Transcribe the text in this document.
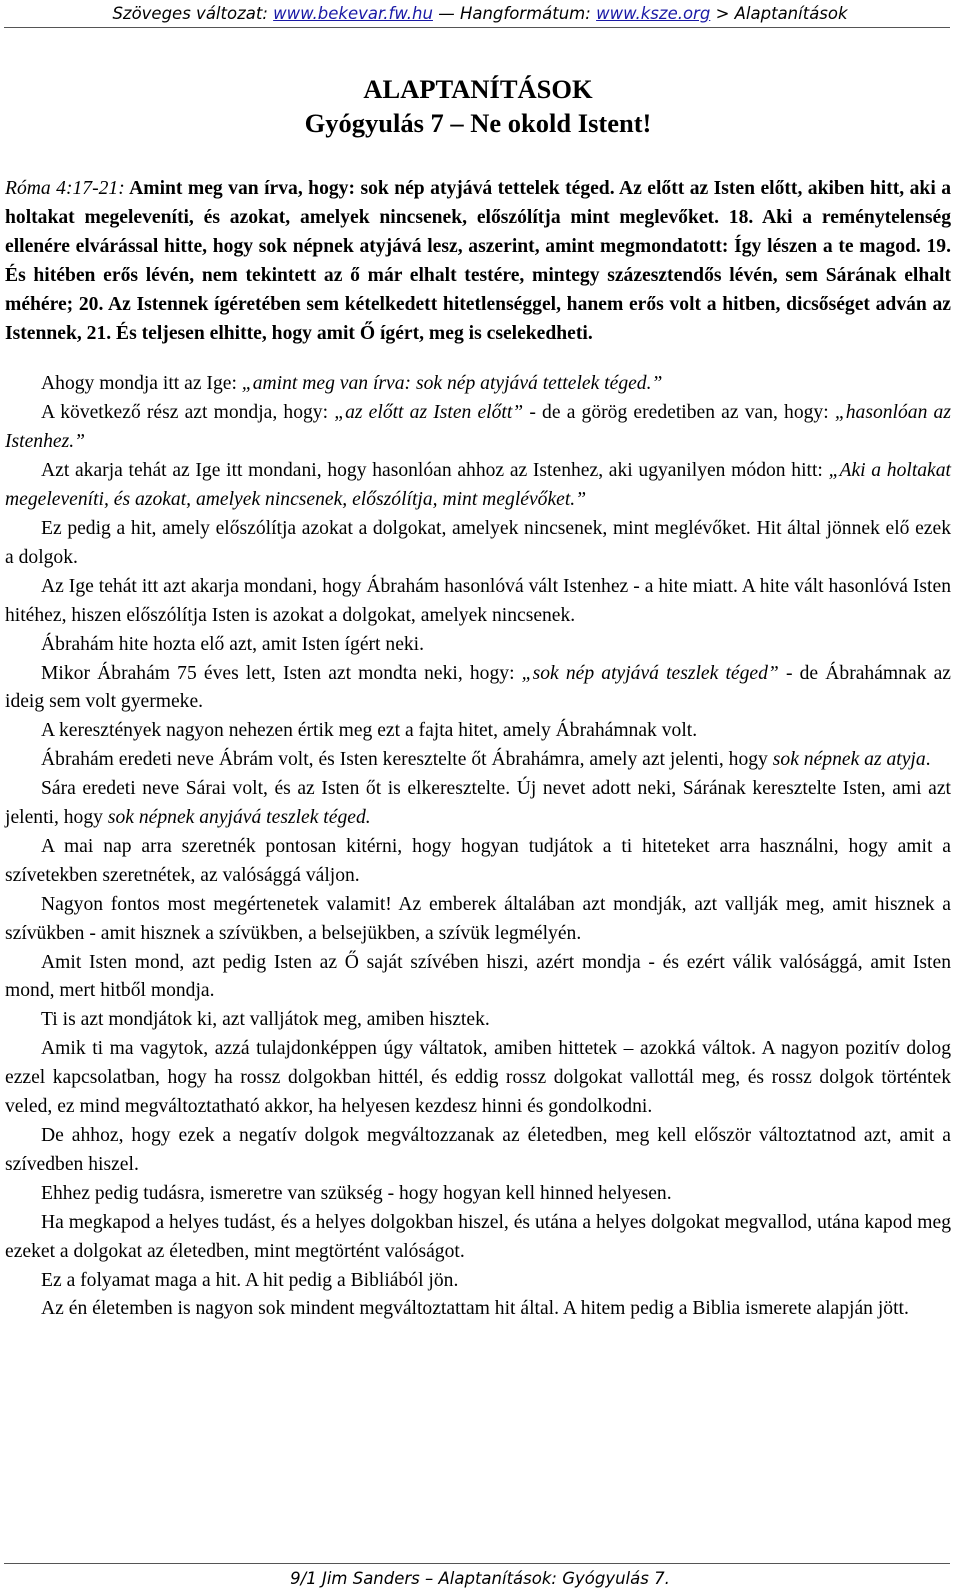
Szöveges változat: www.bekevar.fw.hu — Hangformátum: www.ksze.org > Alaptanítások

ALAPTANÍTÁSOK

Gyógyulás 7 – Ne okold Istent!

Róma 4:17-21: Amint meg van írva, hogy: sok nép atyjává tettelek téged. Az előtt az Isten előtt, akiben hitt, aki a holtakat megeleveníti, és azokat, amelyek nincsenek, előszólítja mint meglevőket. 18. Aki a reménytelenség ellenére elvárással hitte, hogy sok népnek atyjává lesz, aszerint, amint megmondatott: Így lészen a te magod. 19. És hitében erős lévén, nem tekintett az ő már elhalt testére, mintegy százesztendős lévén, sem Sárának elhalt méhére; 20. Az Istennek ígéretében sem kételkedett hitetlenséggel, hanem erős volt a hitben, dicsőséget adván az Istennek, 21. És teljesen elhitte, hogy amit Ő ígért, meg is cselekedheti.

Ahogy mondja itt az Ige: „amint meg van írva: sok nép atyjává tettelek téged.”

A következő rész azt mondja, hogy: „az előtt az Isten előtt” - de a görög eredetiben az van, hogy: „hasonlóan az Istenhez.”

Azt akarja tehát az Ige itt mondani, hogy hasonlóan ahhoz az Istenhez, aki ugyanilyen módon hitt: „Aki a holtakat megeleveníti, és azokat, amelyek nincsenek, előszólítja, mint meglévőket.”

Ez pedig a hit, amely előszólítja azokat a dolgokat, amelyek nincsenek, mint meglévőket. Hit által jönnek elő ezek a dolgok.

Az Ige tehát itt azt akarja mondani, hogy Ábrahám hasonlóvá vált Istenhez - a hite miatt. A hite vált hasonlóvá Isten hitéhez, hiszen előszólítja Isten is azokat a dolgokat, amelyek nincsenek.

Ábrahám hite hozta elő azt, amit Isten ígért neki.

Mikor Ábrahám 75 éves lett, Isten azt mondta neki, hogy: „sok nép atyjává teszlek téged” - de Ábrahámnak az ideig sem volt gyermeke.

A keresztények nagyon nehezen értik meg ezt a fajta hitet, amely Ábrahámnak volt.

Ábrahám eredeti neve Ábrám volt, és Isten keresztelte őt Ábrahámra, amely azt jelenti, hogy sok népnek az atyja.

Sára eredeti neve Sárai volt, és az Isten őt is elkeresztelte. Új nevet adott neki, Sárának keresztelte Isten, ami azt jelenti, hogy sok népnek anyjává teszlek téged.

A mai nap arra szeretnék pontosan kitérni, hogy hogyan tudjátok a ti hiteteket arra használni, hogy amit a szívetekben szeretnétek, az valósággá váljon.

Nagyon fontos most megértenetek valamit! Az emberek általában azt mondják, azt vallják meg, amit hisznek a szívükben - amit hisznek a szívükben, a belsejükben, a szívük legmélyén.

Amit Isten mond, azt pedig Isten az Ő saját szívében hiszi, azért mondja - és ezért válik valósággá, amit Isten mond, mert hitből mondja.

Ti is azt mondjátok ki, azt valljátok meg, amiben hisztek.

Amik ti ma vagytok, azzá tulajdonképpen úgy váltatok, amiben hittetek – azokká váltok. A nagyon pozitív dolog ezzel kapcsolatban, hogy ha rossz dolgokban hittél, és eddig rossz dolgokat vallottál meg, és rossz dolgok történtek veled, ez mind megváltoztatható akkor, ha helyesen kezdesz hinni és gondolkodni.

De ahhoz, hogy ezek a negatív dolgok megváltozzanak az életedben, meg kell először változtatnod azt, amit a szívedben hiszel.

Ehhez pedig tudásra, ismeretre van szükség - hogy hogyan kell hinned helyesen.

Ha megkapod a helyes tudást, és a helyes dolgokban hiszel, és utána a helyes dolgokat megvallod, utána kapod meg ezeket a dolgokat az életedben, mint megtörtént valóságot.

Ez a folyamat maga a hit. A hit pedig a Bibliából jön.

Az én életemben is nagyon sok mindent megváltoztattam hit által. A hitem pedig a Biblia ismerete alapján jött.

9/1 Jim Sanders – Alaptanítások: Gyógyulás 7.
